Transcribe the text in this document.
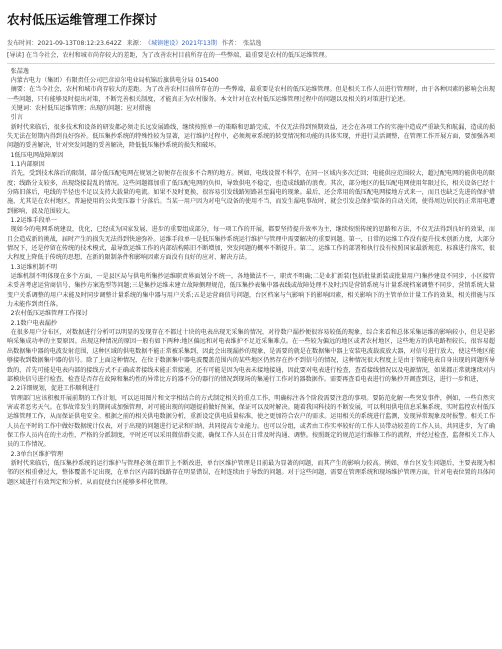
农村低压运维管理工作探讨
发布时间：2021-09-13T08:12:23.642Z 来源： 《城镇建设》2021年13期 作者： 张喆逸
[导读] 在当今社会，农村和城市尚存较大的差距，为了改善农村目前所存在的一些弊端，最重要是农村的低压运维管理。

张喆逸

内蒙古电力（集团）有限责任公司巴彦淖尔电业局杭锦后旗供电分局 015400

摘要：在当今社会，农村和城市尚存较大的差距。为了改善农村目前所存在的一些弊端，最重要是农村的低压运维管理。但是相关工作人员进行管理时，由于各种因素的影响会出现一些问题，只有能够及时提出对策，不断完善相关制度，才能真正为农村服务。本文针对在农村低压运维管理过程中的问题以及相关的对策进行论述。

关键词：农村低压运维管理；出现的问题；应对措施

引言

新时代来临后，很多技术和设备的研发都必须走长远发展路线，继续按照单一的策略和思路完成，不仅无法得到预期效益，还会在各项工作的实施中造成严重缺失和航漏，造成的损失无法在短期内得到良好弥补。低压集抄系统的特殊性较为显著，运行维护过程中，必须规章系统的转变情况和功能的具体实现，并进行灵活调整，在管理工作开展方面，要加强各项问题的妥善解决，针对突发问题的妥善解决，降低低压集抄系统的损失和破坏。

1低压电网故障原因

1.1内部原因

首先，受到技术落后的限制，部分低压配电网在规划之初便存在很多不合理的地方。例如，电线设置不科学，在同一区域内多次迁回；电能供应范围较大，超过配电网的能供电的限度；线路分支较多，出现绕接混乱的情况。这些问题都加重了低压配电网的负担，导致供电不稳定，也造成线路的浪费。其次，部分地区的低压配电网使用年限过长，相关设备已经十分陈旧落后，电线的半径也不足以支持大载量的电流。如果不及时更换，很容易引发线路短路甚至漏电的现象。最后，还会常用的低压配电网接地方式来一，而且也缺乏先进的保护措施，尤其是在农村地区，普遍使用的公共变压器十分落后。当某一用户因为对电气设备的使用不当，而发生漏电事故时，就会引发总保护装备的自动关闭，使得周边居民的正常用电遭到影响，波及范围较大。

1.2运维手段单一

现如今的电网系统建设，优化，已经成为国家发展、进步的重要组成部分，每一项工作的开展，都要坚持提升效率为主，继续按照传统的思路和方法，不仅无法得到良好的效果，而且会造成新的挑战，届时产生的损失无法得到快速弥补。运维手段单一是低压集抄系统运行维护与管理中需要解决的重要问题。第一，日常的运维工作没有提升技术创新力度，大部分情况下，还是停留在传统的技术模式，最导致运维工作的内部结构陈旧不断增加，突发问题的概率不断提升。第二，运维工作的部署和执行没有按照国家最新规范、标准进行落实，很大程度上降低于传统的思想，在新的限制条件和影响因素方面没有良好的应对、解决方法。

1.3运维机制不明

运维机制不明体现在多个方面，一是县区局与供电所集抄运维职责界面划分不统一，各地做法不一，职责不明确;二是业扩新装(包括批量新装或批量用户)集抄建设不同步，小区接管未妥善考虑运营商信号、集抄方案选型等问题;三是集抄运维未建立故障侧理规范，低压集抄表集中器表线或故障处理不及时;四是营销系统与计量系统档案调整不同步，营销系统大量变户关系调整的用户未能及时同步调整计量系统的集中器与用户关系;五是运营商信号问题，台区档案与气影响下的影响因素，相关影响下的主管单位计量工作的效果，相关措施与压力未能作到责任落。

2农村低压运维管理工作探讨

2.1数户电表漏抄

在很多用户分布区，对数据进行分析可以明显的发现存在不都过十块的电表出现无采集的情况，对待数户漏抄便很容易较低的现象，综合来看和总体采集运维的影响较小，但是是影响采集成功率的主要原因。出现这种情况的原因一般有如下两种:地区偏远和对电表维护不足近采集难点。在一些较为偏远的地区或者农村地区，这些地方的供电路程较长，很容易超出数据集中器的电波发射范围，这种区域的供电数据不能正常被采集到，因此会出现漏抄的现象，是需要的就是在数据集中器上安装电波载波放大器，对信号进行放大，使这些地区能够接收到数据集中器的信号。除了上面这种情况，在位于数据集中器电波覆盖范围内的某些地区仍然存在抄不到信号的情况，这种情况很大程度上是由于智能电表自身出现的问题所导致的，首先可能是电表内部的接线方式不正确或者接线未能正常接通，还有可能是因为电表未接地接通，因此要对电表进行检查，查看接线情况以及电源情况，如果都正常就继续对内部模块信号进行检查，检查是否存在故障和集约性的异常比方的器不分的器行的情况到现场的集通行工作对的器数据作。需要再查看电表进行的集抄开调查到这，进行一步和进，

2.2详细规划，促进工作顺利进行

管理部门应该积极开展前期的工作计划，可以运用图片和文字相结合的方式制定相关的重点工作，明确标注各个阶段需要注意的事项。要防范化解一些突发事件，例如，一些自然灾害或者恶劣天气。在事故常发生的期间或加强管理，对可能出现的问题提前做好预案，保证可以及时解决。随着我国科技的不断发展，可以利用供电信息采集系统，实时监控农村低压运维管理工作，从而保证供电安全。根据之前的相关供电数据分析，重新设定供电质量标准，使之更加符合农户的需求。运用相关的系统进行监测，发现异常现象及时报警。相关工作人员在平时的工作中做好数据统计仪表，对于出现的问题进行记录和归纳，共同提高专业能力。也可以分组，或者由工作实率较好的工作人员带动较差的工作人员，共同进步，为了确保工作人员内在的主动性，严格的分派制度，平时还可以采用微信群交流，确保工作人员在日常及时沟通、调整。按照既定的规范运行维修工作的流程，并经过检查，监督相关工作人员的工作情况。

2.3单台区维护管理

新时代来临后，低压集抄系统的运行维护与管理必须在细节上不断改进，单台区维护管理是目前最为显著的问题，而其产生的影响力较高。例如，单台区发生问题后，主要表现为相邻的区相重叠过大，整体覆盖不足出现，在单台区内部的线路存在明显错误，在时连续由于导致的问题。对于这些问题，需要在管理系统和现场维护管理方面，针对电表位置的具体问题区域进行有效判定和分析，从而促使台区能够多样化管理。
